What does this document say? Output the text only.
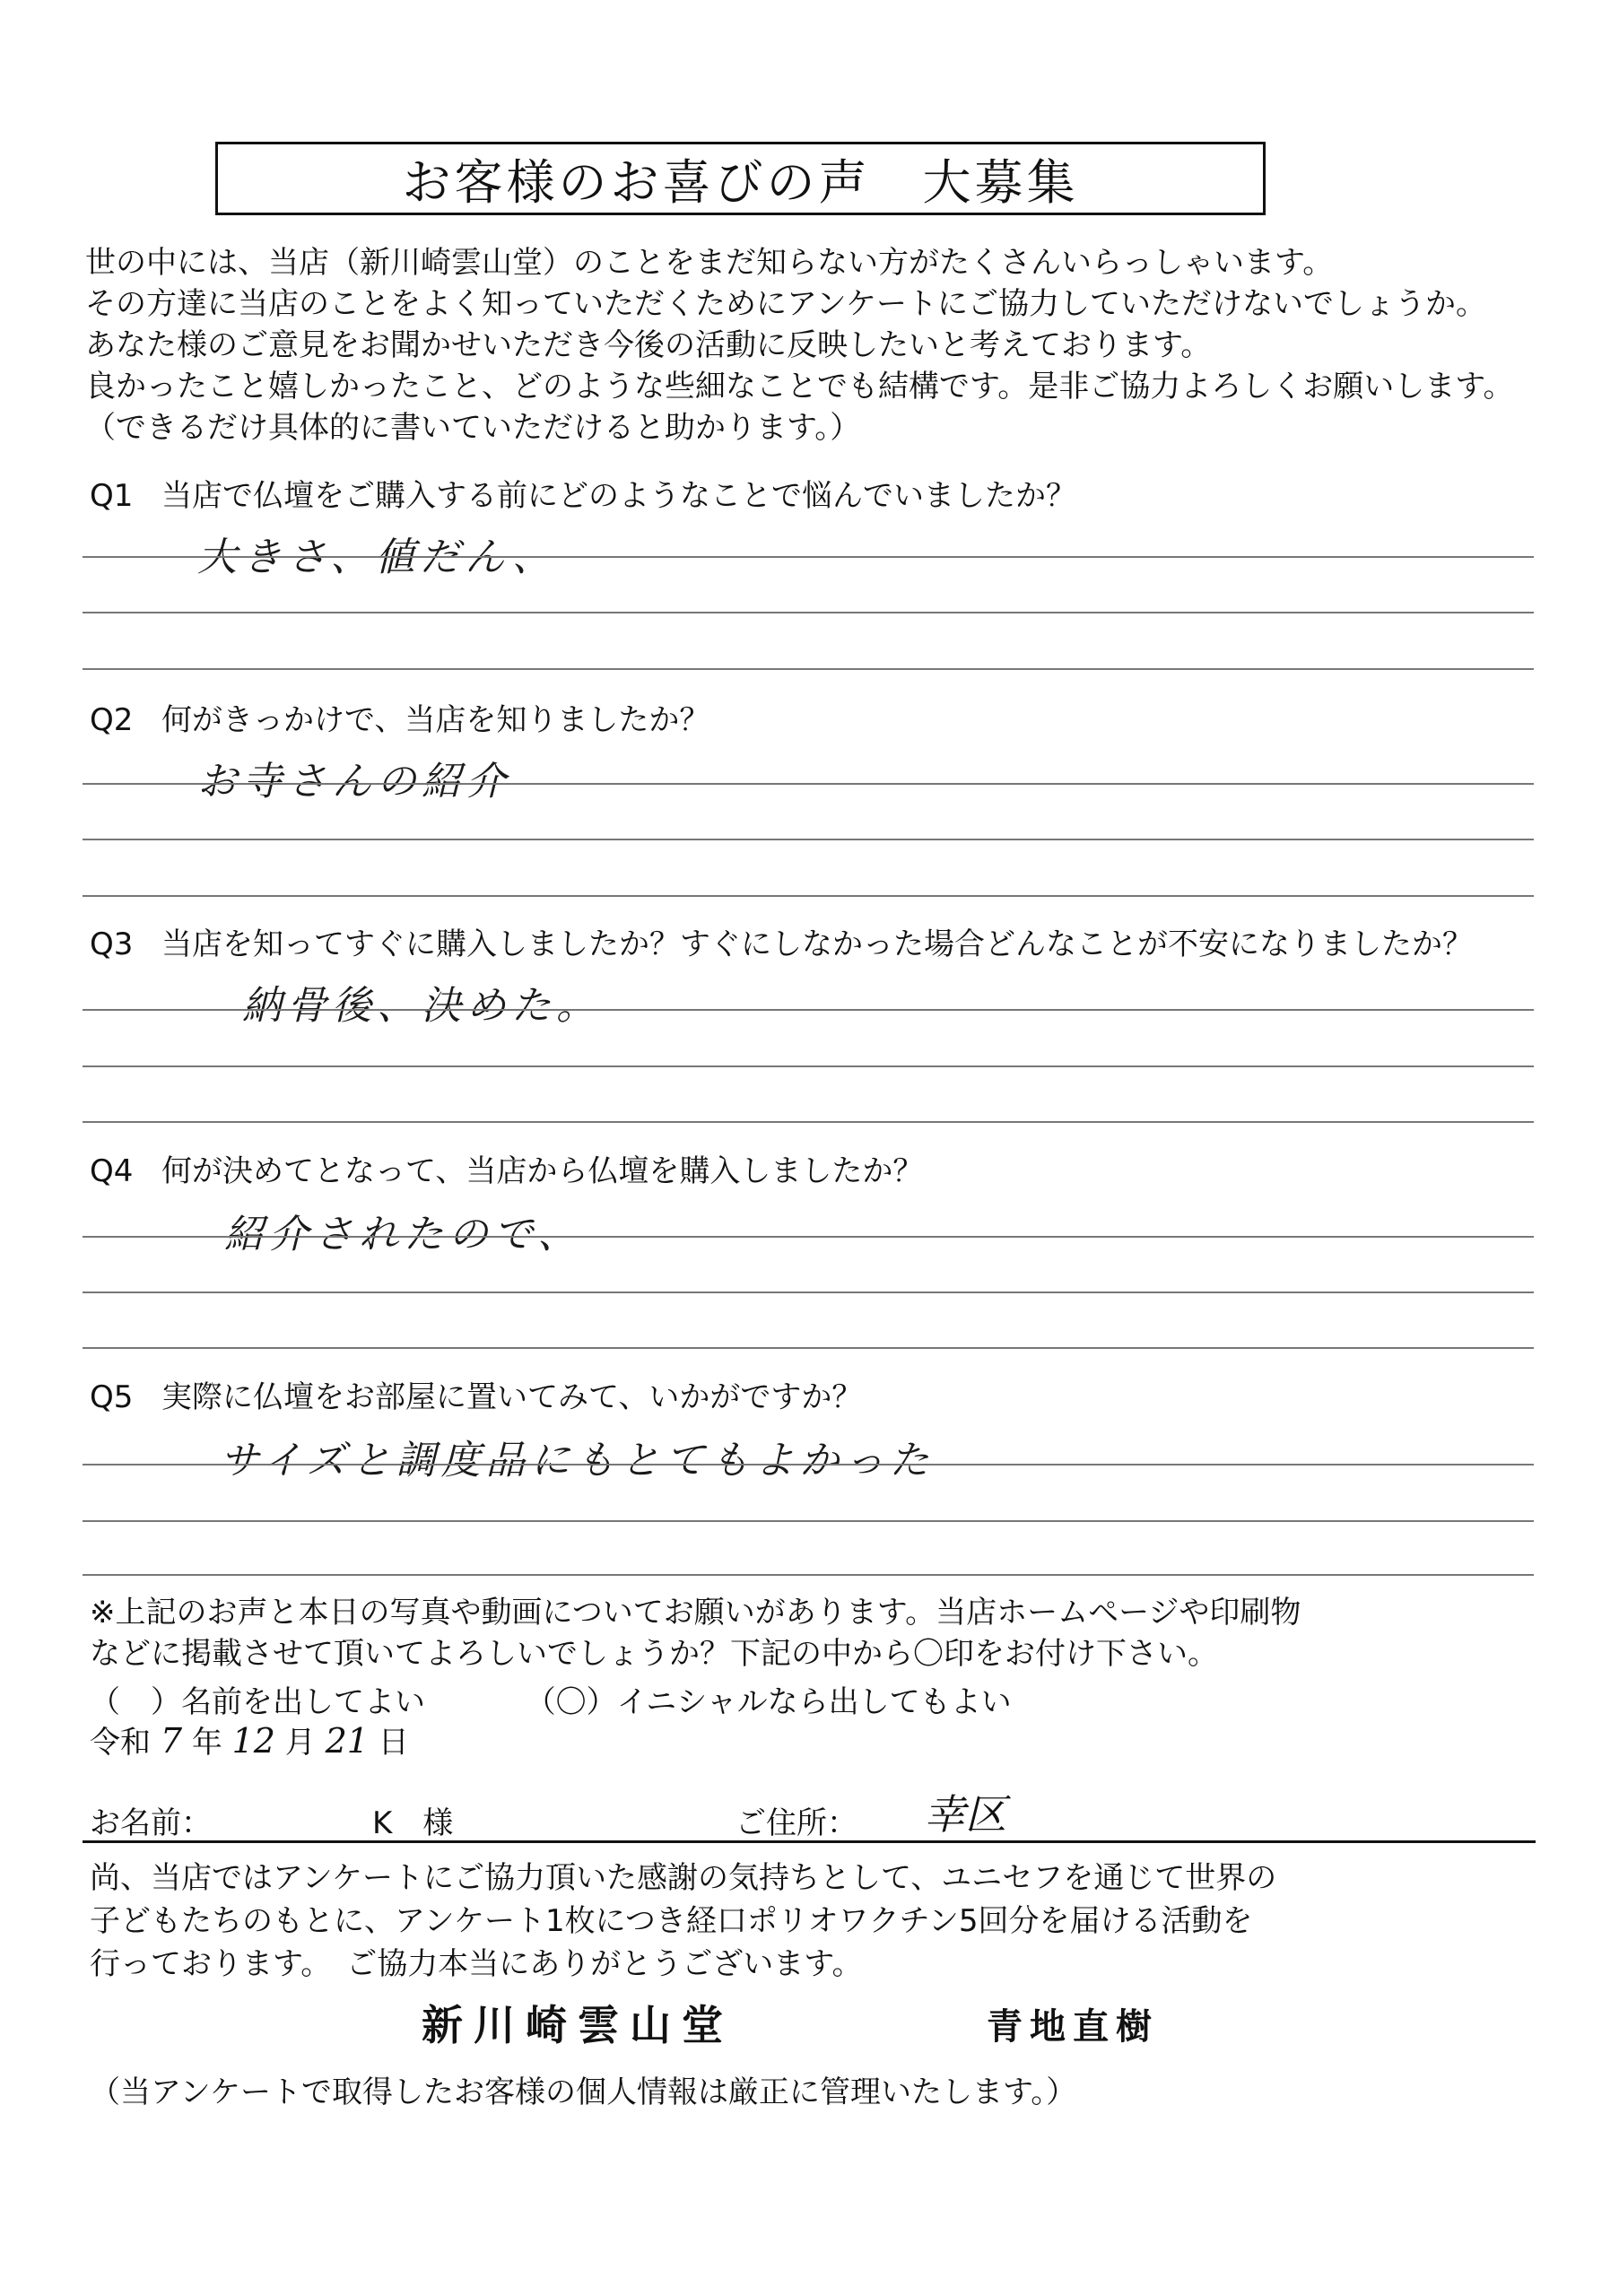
お客様のお喜びの声　大募集
世の中には、当店（新川崎雲山堂）のことをまだ知らない方がたくさんいらっしゃいます。
その方達に当店のことをよく知っていただくためにアンケートにご協力していただけないでしょうか。
あなた様のご意見をお聞かせいただき今後の活動に反映したいと考えております。
良かったこと嬉しかったこと、どのような些細なことでも結構です。是非ご協力よろしくお願いします。
（できるだけ具体的に書いていただけると助かります。）
Q1 当店で仏壇をご購入する前にどのようなことで悩んでいましたか？
大きさ、値だん、
Q2 何がきっかけで、当店を知りましたか？
お寺さんの紹介
Q3 当店を知ってすぐに購入しましたか？すぐにしなかった場合どんなことが不安になりましたか？
納骨後、決めた。
Q4 何が決めてとなって、当店から仏壇を購入しましたか？
紹介されたので、
Q5 実際に仏壇をお部屋に置いてみて、いかがですか？
サイズと調度品にもとてもよかった
※上記のお声と本日の写真や動画についてお願いがあります。当店ホームページや印刷物
などに掲載させて頂いてよろしいでしょうか？下記の中から〇印をお付け下さい。
（　）名前を出してよい	（〇）イニシャルなら出してもよい
令和 7 年 12 月 21 日
お名前：	K　様	ご住所： 幸区
尚、当店ではアンケートにご協力頂いた感謝の気持ちとして、ユニセフを通じて世界の
子どもたちのもとに、アンケート1枚につき経口ポリオワクチン5回分を届ける活動を
行っております。　ご協力本当にありがとうございます。
新川崎雲山堂	青地直樹
（当アンケートで取得したお客様の個人情報は厳正に管理いたします。）
